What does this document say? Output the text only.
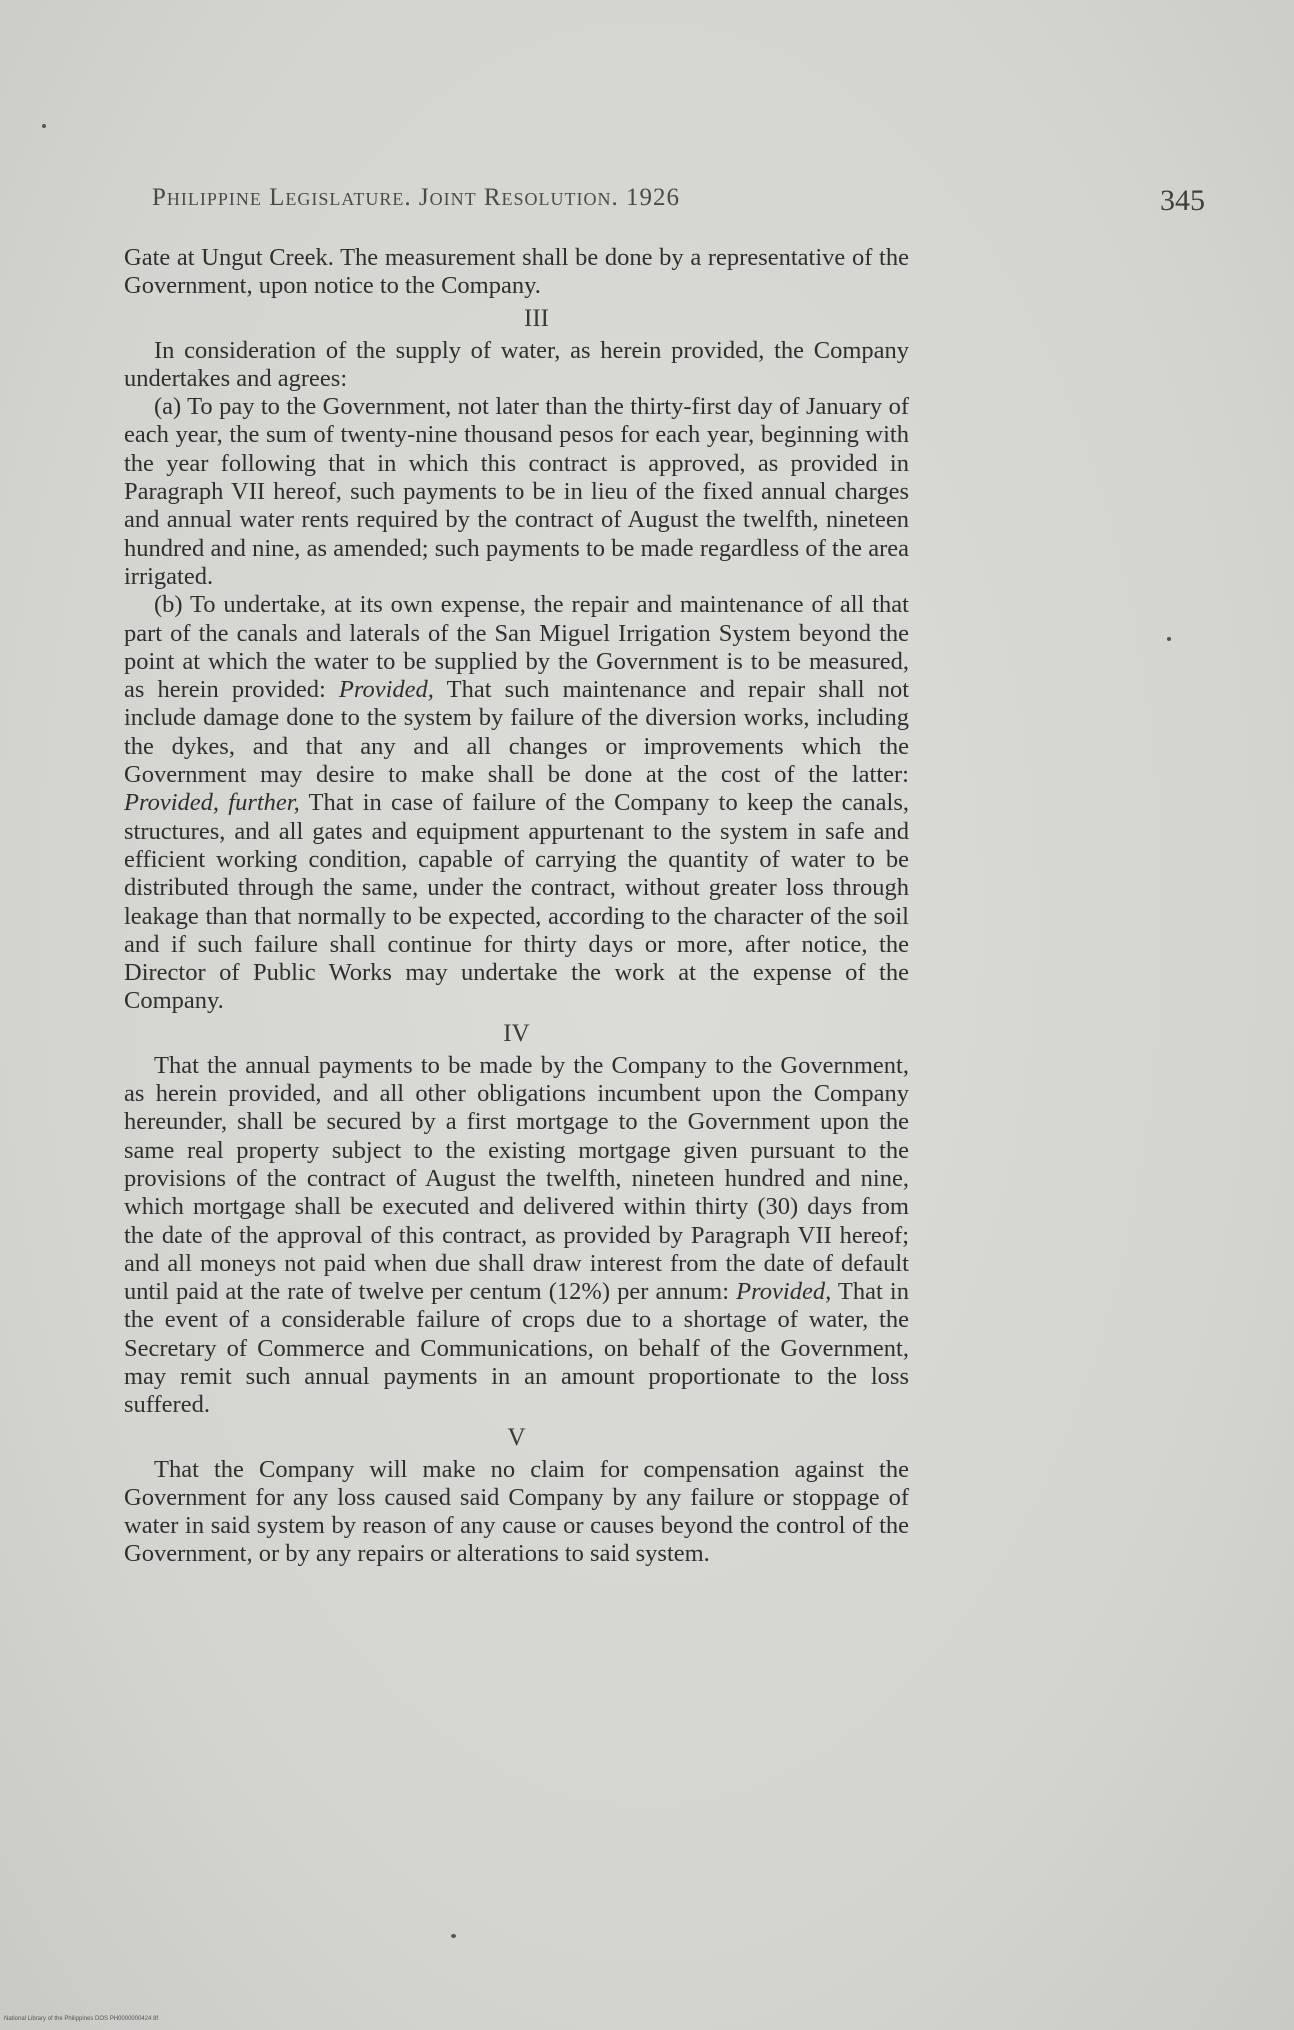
Philippine Legislature. Joint Resolution. 1926	345

Gate at Ungut Creek. The measurement shall be done by a representative of the Government, upon notice to the Company.

III

In consideration of the supply of water, as herein provided, the Company undertakes and agrees:

(a) To pay to the Government, not later than the thirty-first day of January of each year, the sum of twenty-nine thousand pesos for each year, beginning with the year following that in which this contract is approved, as provided in Paragraph VII hereof, such payments to be in lieu of the fixed annual charges and annual water rents required by the contract of August the twelfth, nineteen hundred and nine, as amended; such payments to be made regardless of the area irrigated.

(b) To undertake, at its own expense, the repair and maintenance of all that part of the canals and laterals of the San Miguel Irrigation System beyond the point at which the water to be supplied by the Government is to be measured, as herein provided: Provided, That such maintenance and repair shall not include damage done to the system by failure of the diversion works, including the dykes, and that any and all changes or improvements which the Government may desire to make shall be done at the cost of the latter: Provided, further, That in case of failure of the Company to keep the canals, structures, and all gates and equipment appurtenant to the system in safe and efficient working condition, capable of carrying the quantity of water to be distributed through the same, under the contract, without greater loss through leakage than that normally to be expected, according to the character of the soil and if such failure shall continue for thirty days or more, after notice, the Director of Public Works may undertake the work at the expense of the Company.

IV

That the annual payments to be made by the Company to the Government, as herein provided, and all other obligations incumbent upon the Company hereunder, shall be secured by a first mortgage to the Government upon the same real property subject to the existing mortgage given pursuant to the provisions of the contract of August the twelfth, nineteen hundred and nine, which mortgage shall be executed and delivered within thirty (30) days from the date of the approval of this contract, as provided by Paragraph VII hereof; and all moneys not paid when due shall draw interest from the date of default until paid at the rate of twelve per centum (12%) per annum: Provided, That in the event of a considerable failure of crops due to a shortage of water, the Secretary of Commerce and Communications, on behalf of the Government, may remit such annual payments in an amount proportionate to the loss suffered.

V

That the Company will make no claim for compensation against the Government for any loss caused said Company by any failure or stoppage of water in said system by reason of any cause or causes beyond the control of the Government, or by any repairs or alterations to said system.

National Library of the Philippines DOS PH0000000424 8f
